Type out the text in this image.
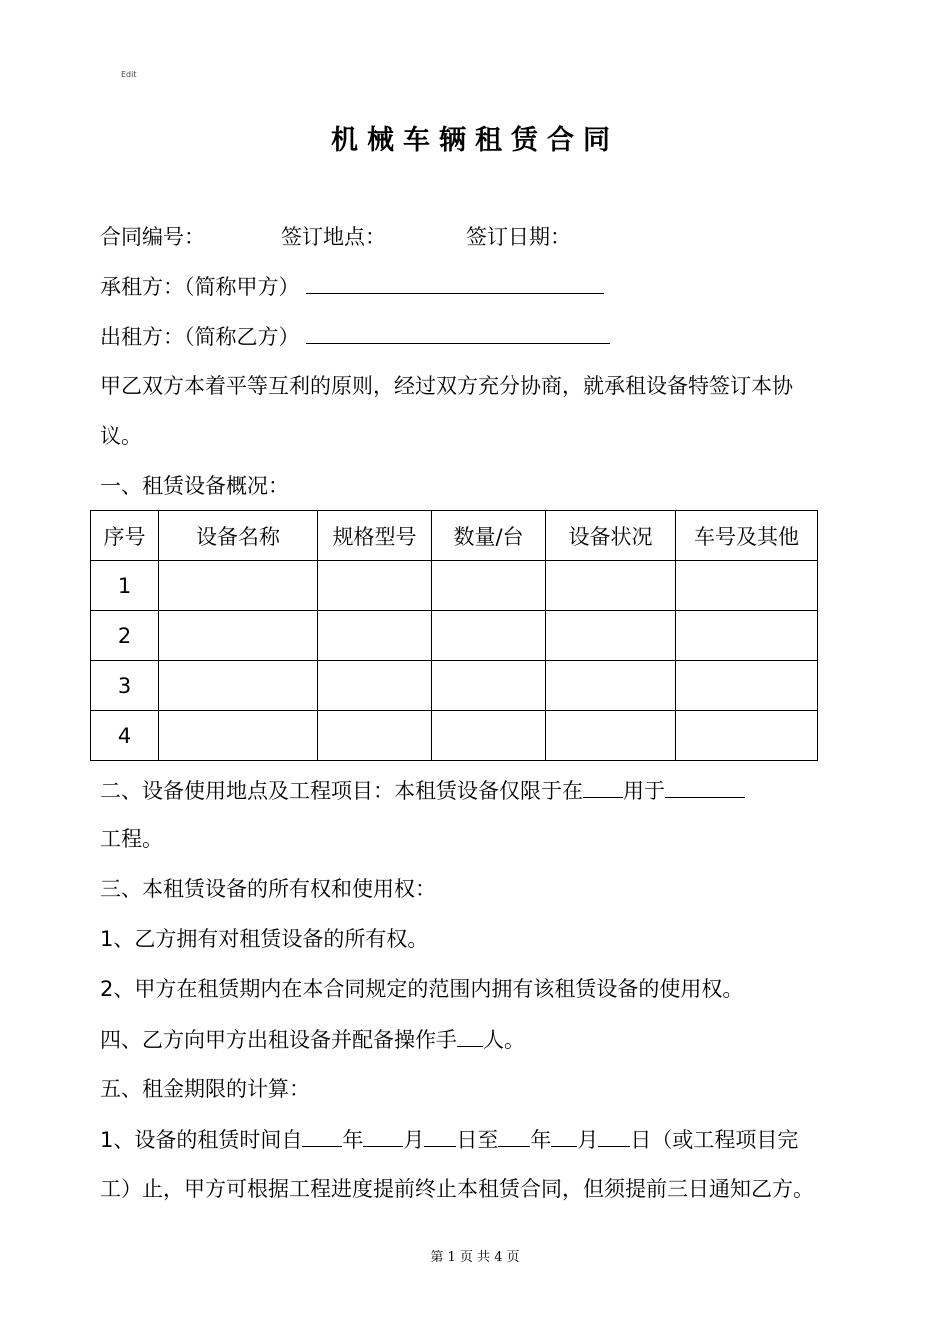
Edit
机械车辆租赁合同
合同编号：	签订地点：	签订日期：
承租方：（简称甲方）
出租方：（简称乙方）
甲乙双方本着平等互利的原则，经过双方充分协商，就承租设备特签订本协
议。
一、租赁设备概况：
序号	设备名称	规格型号	数量/台	设备状况	车号及其他
1					
2					
3					
4					
二、设备使用地点及工程项目：本租赁设备仅限于在 用于
工程。
三、本租赁设备的所有权和使用权：
1、乙方拥有对租赁设备的所有权。
2、甲方在租赁期内在本合同规定的范围内拥有该租赁设备的使用权。
四、乙方向甲方出租设备并配备操作手 人。
五、租金期限的计算：
1、设备的租赁时间自 年 月 日至 年 月 日（或工程项目完
工）止，甲方可根据工程进度提前终止本租赁合同，但须提前三日通知乙方。
第 1 页 共 4 页
